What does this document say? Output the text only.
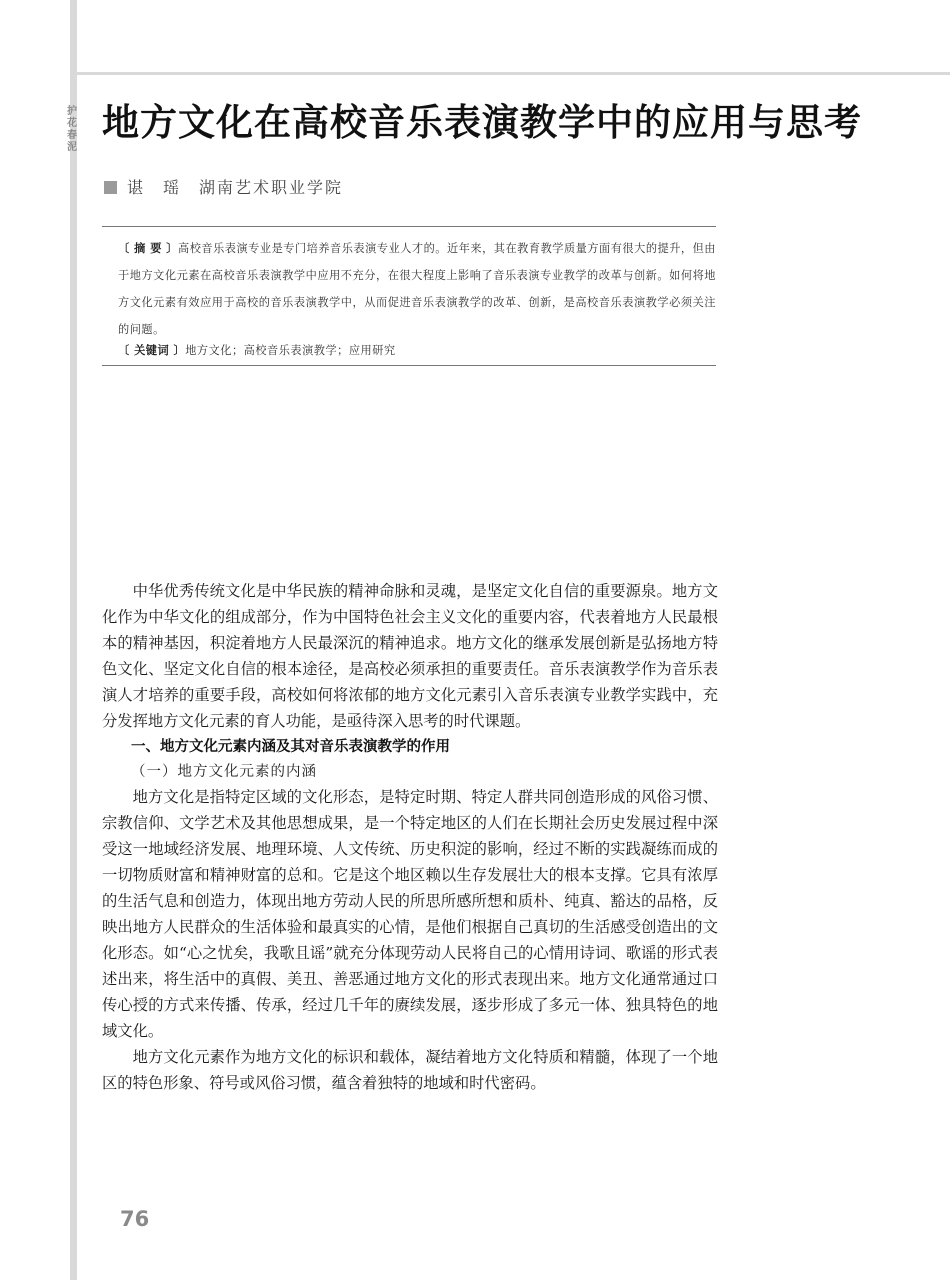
护花春泥
地方文化在高校音乐表演教学中的应用与思考
谌　瑶 湖南艺术职业学院

〔 摘 要 〕高校音乐表演专业是专门培养音乐表演专业人才的。近年来，其在教育教学质量方面有很大的提升，但由于地方文化元素在高校音乐表演教学中应用不充分，在很大程度上影响了音乐表演专业教学的改革与创新。如何将地方文化元素有效应用于高校的音乐表演教学中，从而促进音乐表演教学的改革、创新，是高校音乐表演教学必须关注的问题。

〔 关键词 〕地方文化；高校音乐表演教学；应用研究

中华优秀传统文化是中华民族的精神命脉和灵魂，是坚定文化自信的重要源泉。地方文化作为中华文化的组成部分，作为中国特色社会主义文化的重要内容，代表着地方人民最根本的精神基因，积淀着地方人民最深沉的精神追求。地方文化的继承发展创新是弘扬地方特色文化、坚定文化自信的根本途径，是高校必须承担的重要责任。音乐表演教学作为音乐表演人才培养的重要手段，高校如何将浓郁的地方文化元素引入音乐表演专业教学实践中，充分发挥地方文化元素的育人功能，是亟待深入思考的时代课题。

一、地方文化元素内涵及其对音乐表演教学的作用

（一）地方文化元素的内涵

地方文化是指特定区域的文化形态，是特定时期、特定人群共同创造形成的风俗习惯、宗教信仰、文学艺术及其他思想成果，是一个特定地区的人们在长期社会历史发展过程中深受这一地域经济发展、地理环境、人文传统、历史积淀的影响，经过不断的实践凝练而成的一切物质财富和精神财富的总和。它是这个地区赖以生存发展壮大的根本支撑。它具有浓厚的生活气息和创造力，体现出地方劳动人民的所思所感所想和质朴、纯真、豁达的品格，反映出地方人民群众的生活体验和最真实的心情，是他们根据自己真切的生活感受创造出的文化形态。如“心之忧矣，我歌且谣”就充分体现劳动人民将自己的心情用诗词、歌谣的形式表述出来，将生活中的真假、美丑、善恶通过地方文化的形式表现出来。地方文化通常通过口传心授的方式来传播、传承，经过几千年的赓续发展，逐步形成了多元一体、独具特色的地域文化。

地方文化元素作为地方文化的标识和载体，凝结着地方文化特质和精髓，体现了一个地区的特色形象、符号或风俗习惯，蕴含着独特的地域和时代密码。

76
